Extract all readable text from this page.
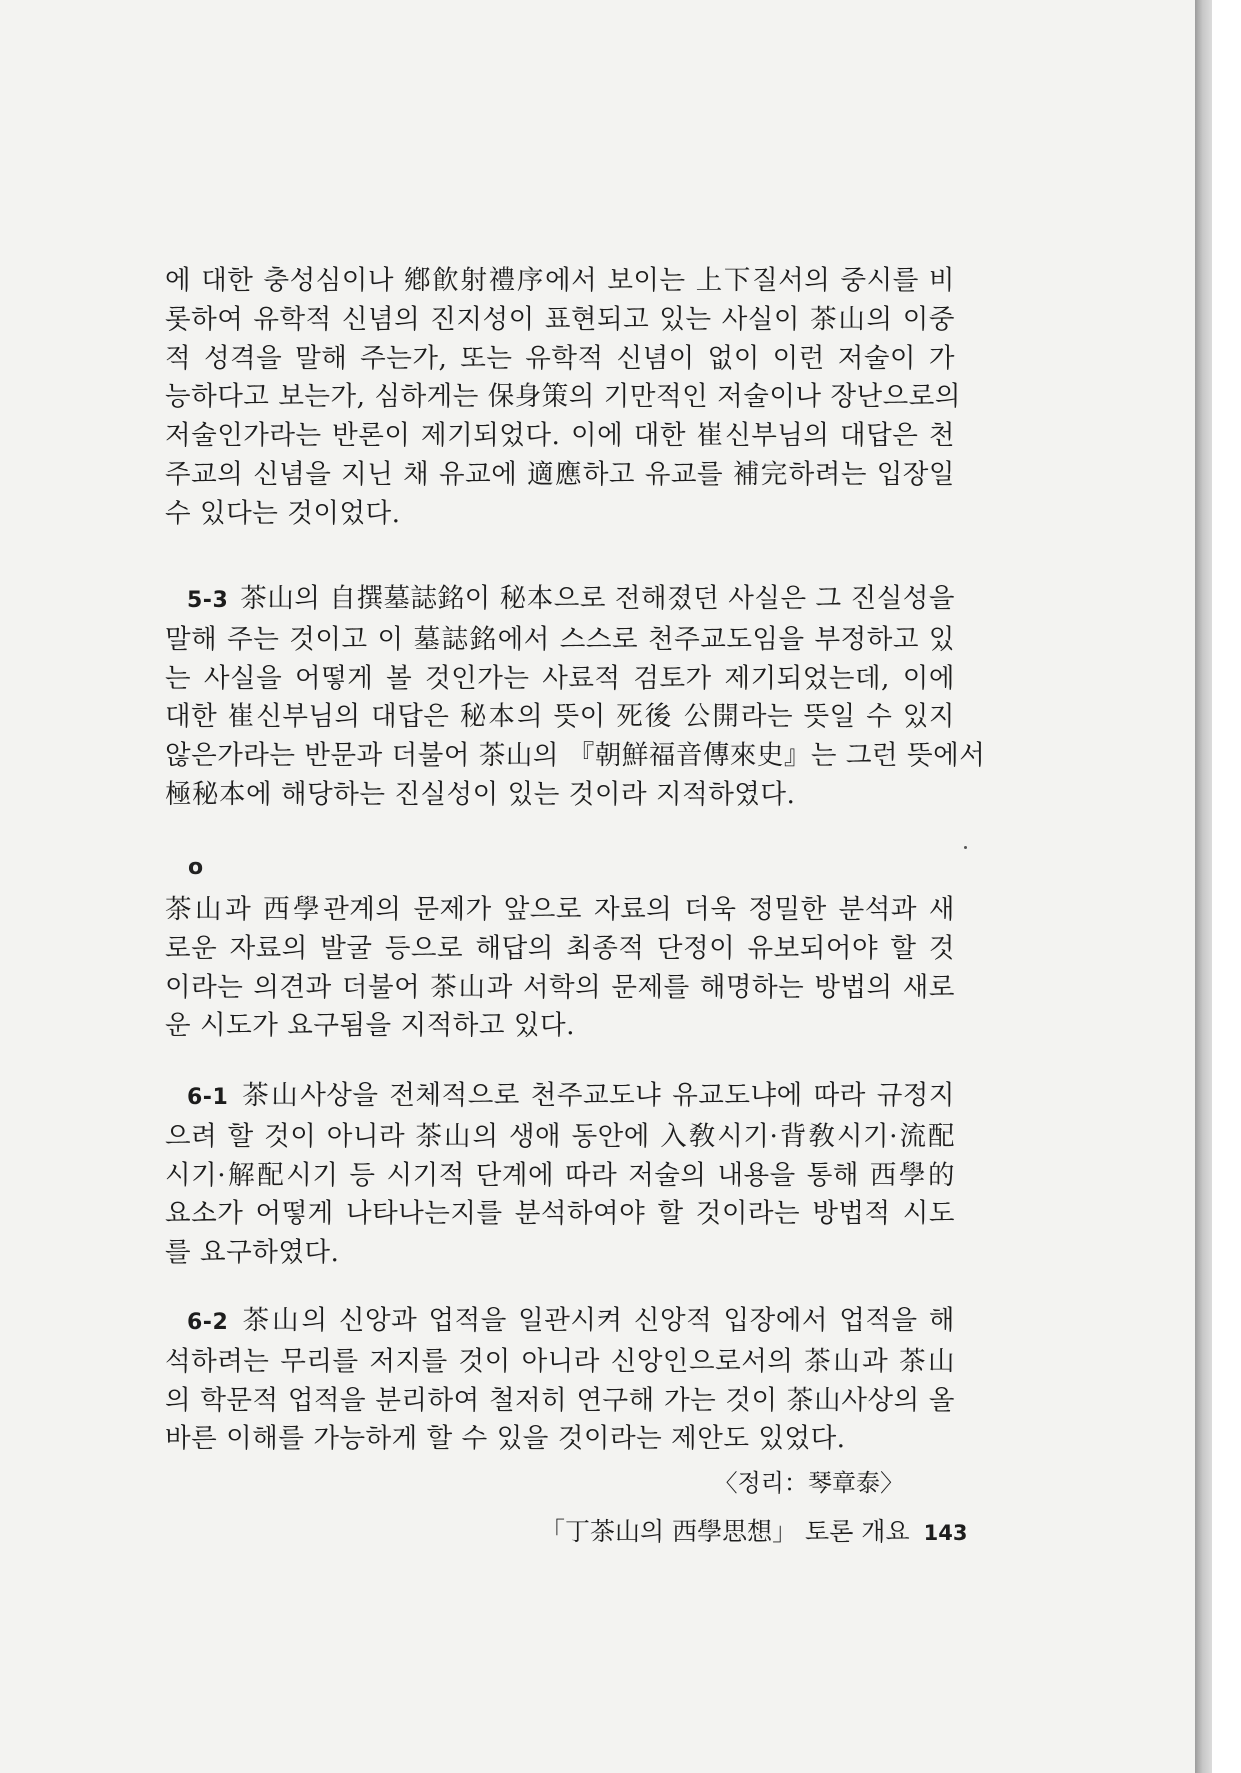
에 대한 충성심이나 鄕飮射禮序에서 보이는 上下질서의 중시를 비
롯하여 유학적 신념의 진지성이 표현되고 있는 사실이 茶山의 이중
적 성격을 말해 주는가, 또는 유학적 신념이 없이 이런 저술이 가
능하다고 보는가, 심하게는 保身策의 기만적인 저술이나 장난으로의
저술인가라는 반론이 제기되었다. 이에 대한 崔신부님의 대답은 천
주교의 신념을 지닌 채 유교에 適應하고 유교를 補完하려는 입장일
수 있다는 것이었다.
5-3 茶山의 自撰墓誌銘이 秘本으로 전해졌던 사실은 그 진실성을
말해 주는 것이고 이 墓誌銘에서 스스로 천주교도임을 부정하고 있
는 사실을 어떻게 볼 것인가는 사료적 검토가 제기되었는데, 이에
대한 崔신부님의 대답은 秘本의 뜻이 死後 公開라는 뜻일 수 있지
않은가라는 반문과 더불어 茶山의 『朝鮮福音傳來史』는 그런 뜻에서
極秘本에 해당하는 진실성이 있는 것이라 지적하였다.
o
茶山과 西學관계의 문제가 앞으로 자료의 더욱 정밀한 분석과 새
로운 자료의 발굴 등으로 해답의 최종적 단정이 유보되어야 할 것
이라는 의견과 더불어 茶山과 서학의 문제를 해명하는 방법의 새로
운 시도가 요구됨을 지적하고 있다.
6-1 茶山사상을 전체적으로 천주교도냐 유교도냐에 따라 규정지
으려 할 것이 아니라 茶山의 생애 동안에 入敎시기·背敎시기·流配
시기·解配시기 등 시기적 단계에 따라 저술의 내용을 통해 西學的
요소가 어떻게 나타나는지를 분석하여야 할 것이라는 방법적 시도
를 요구하였다.
6-2 茶山의 신앙과 업적을 일관시켜 신앙적 입장에서 업적을 해
석하려는 무리를 저지를 것이 아니라 신앙인으로서의 茶山과 茶山
의 학문적 업적을 분리하여 철저히 연구해 가는 것이 茶山사상의 올
바른 이해를 가능하게 할 수 있을 것이라는 제안도 있었다.
〈정리：琴章泰〉
「丁茶山의 西學思想」 토론 개요 143
